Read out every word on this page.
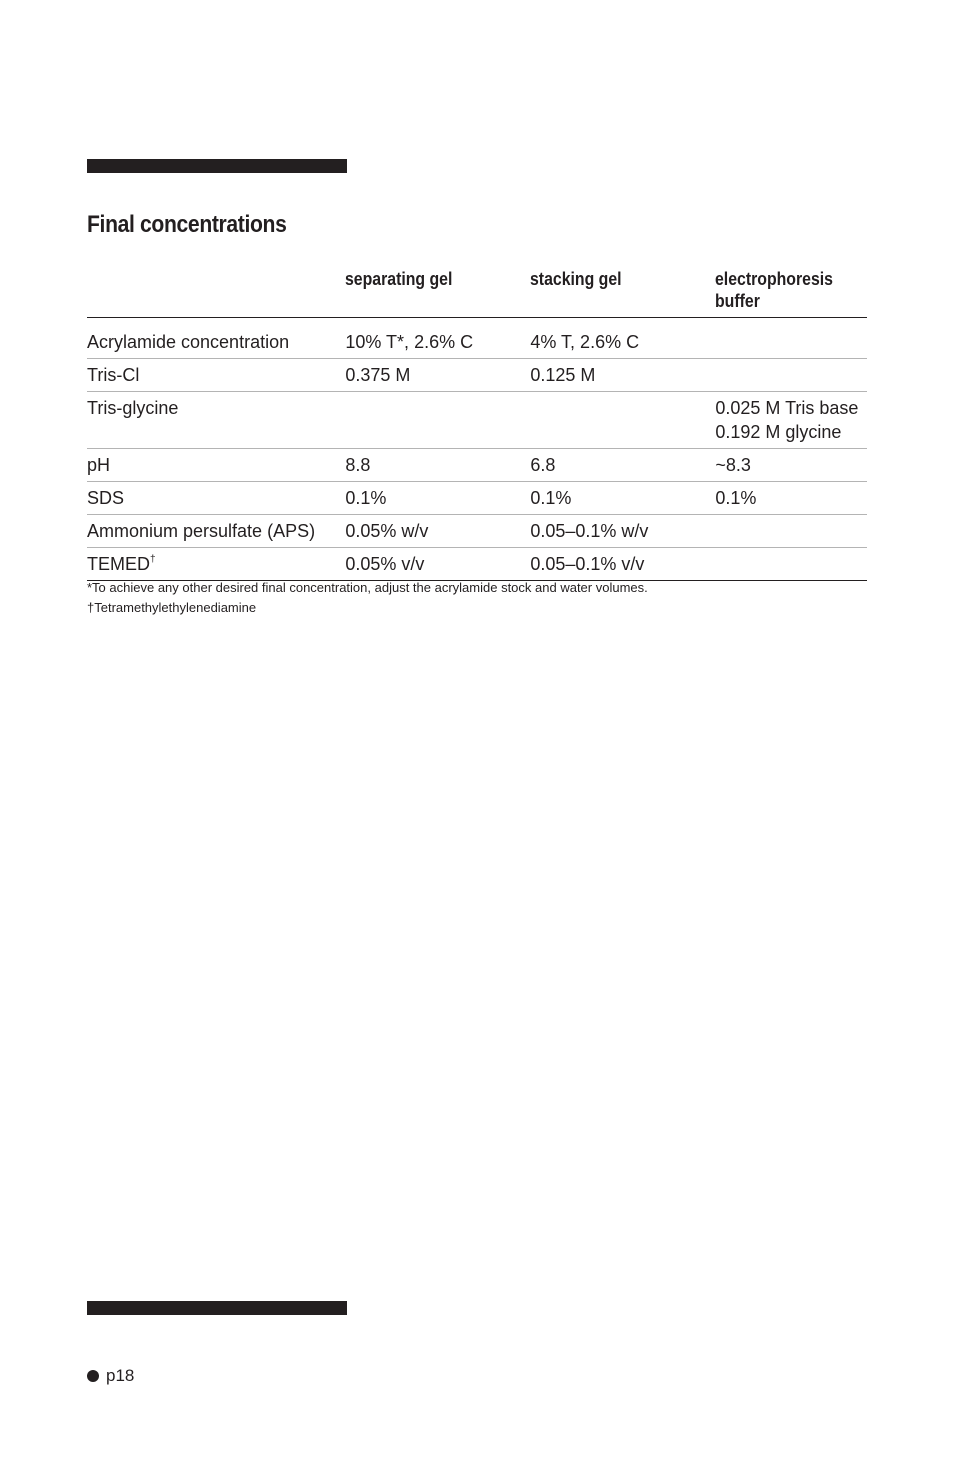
Final concentrations
	separating gel	stacking gel	electrophoresis buffer
Acrylamide concentration	10% T*, 2.6% C	4% T, 2.6% C	

Tris-Cl	0.375 M	0.125 M	

Tris-glycine			0.025 M Tris base
0.192 M glycine

pH	8.8	6.8	~8.3

SDS	0.1%	0.1%	0.1%

Ammonium persulfate (APS)	0.05% w/v	0.05–0.1% w/v	

TEMED†	0.05% v/v	0.05–0.1% v/v	
*To achieve any other desired final concentration, adjust the acrylamide stock and water volumes.
†Tetramethylethylenediamine
p18
